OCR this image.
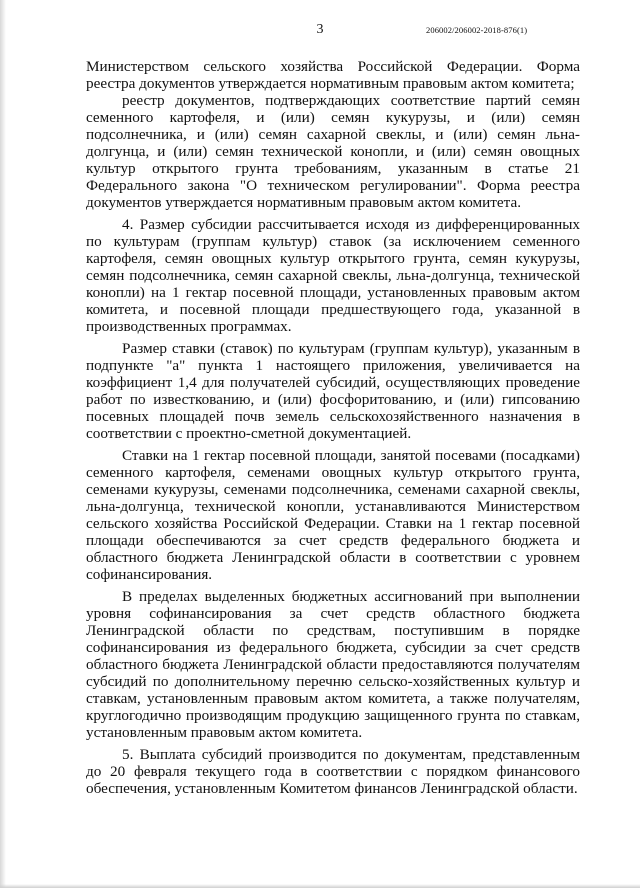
3	206002/206002-2018-876(1)

Министерством сельского хозяйства Российской Федерации. Форма реестра документов утверждается нормативным правовым актом комитета;

реестр документов, подтверждающих соответствие партий семян семенного картофеля, и (или) семян кукурузы, и (или) семян подсолнечника, и (или) семян сахарной свеклы, и (или) семян льна-долгунца, и (или) семян технической конопли, и (или) семян овощных культур открытого грунта требованиям, указанным в статье 21 Федерального закона "О техническом регулировании". Форма реестра документов утверждается нормативным правовым актом комитета.

4. Размер субсидии рассчитывается исходя из дифференцированных по культурам (группам культур) ставок (за исключением семенного картофеля, семян овощных культур открытого грунта, семян кукурузы, семян подсолнечника, семян сахарной свеклы, льна-долгунца, технической конопли) на 1 гектар посевной площади, установленных правовым актом комитета, и посевной площади предшествующего года, указанной в производственных программах.

Размер ставки (ставок) по культурам (группам культур), указанным в подпункте "а" пункта 1 настоящего приложения, увеличивается на коэффициент 1,4 для получателей субсидий, осуществляющих проведение работ по известкованию, и (или) фосфоритованию, и (или) гипсованию посевных площадей почв земель сельскохозяйственного назначения в соответствии с проектно-сметной документацией.

Ставки на 1 гектар посевной площади, занятой посевами (посадками) семенного картофеля, семенами овощных культур открытого грунта, семенами кукурузы, семенами подсолнечника, семенами сахарной свеклы, льна-долгунца, технической конопли, устанавливаются Министерством сельского хозяйства Российской Федерации. Ставки на 1 гектар посевной площади обеспечиваются за счет средств федерального бюджета и областного бюджета Ленинградской области в соответствии с уровнем софинансирования.

В пределах выделенных бюджетных ассигнований при выполнении уровня софинансирования за счет средств областного бюджета Ленинградской области по средствам, поступившим в порядке софинансирования из федерального бюджета, субсидии за счет средств областного бюджета Ленинградской области предоставляются получателям субсидий по дополнительному перечню сельско-хозяйственных культур и ставкам, установленным правовым актом комитета, а также получателям, круглогодично производящим продукцию защищенного грунта по ставкам, установленным правовым актом комитета.

5. Выплата субсидий производится по документам, представленным до 20 февраля текущего года в соответствии с порядком финансового обеспечения, установленным Комитетом финансов Ленинградской области.
